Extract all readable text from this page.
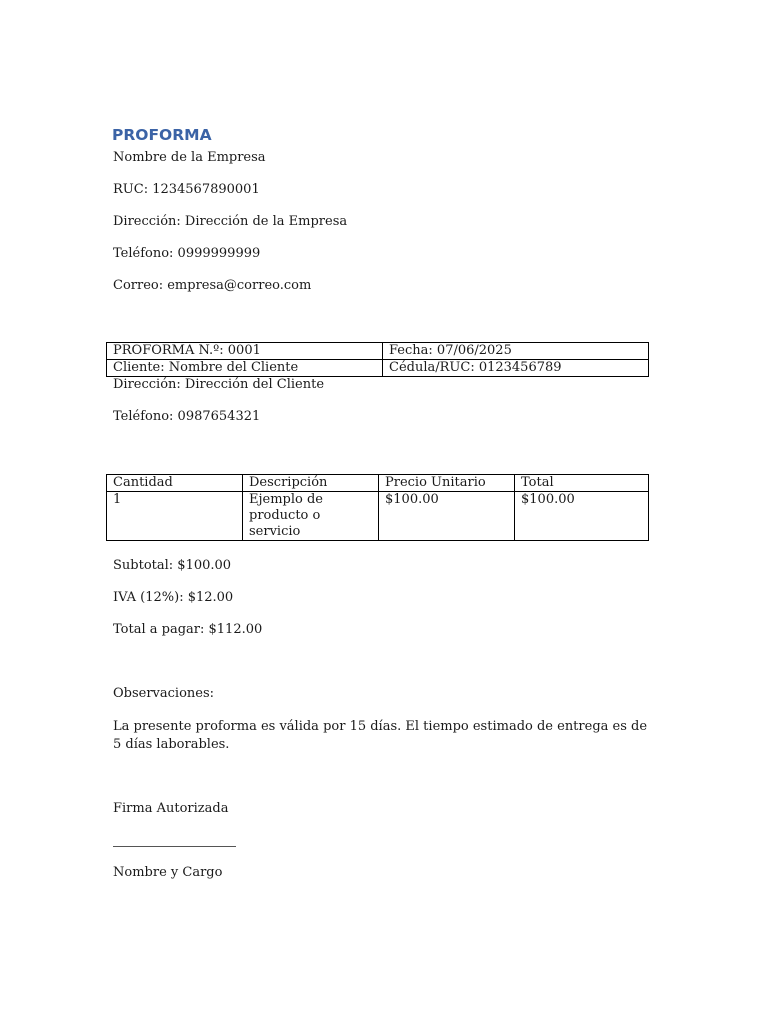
PROFORMA
Nombre de la Empresa
RUC: 1234567890001
Dirección: Dirección de la Empresa
Teléfono: 0999999999
Correo: empresa@correo.com
PROFORMA N.º: 0001	Fecha: 07/06/2025
Cliente: Nombre del Cliente	Cédula/RUC: 0123456789
Dirección: Dirección del Cliente
Teléfono: 0987654321
Cantidad	Descripción	Precio Unitario	Total
1	Ejemplo de producto o servicio	$100.00	$100.00
Subtotal: $100.00
IVA (12%): $12.00
Total a pagar: $112.00
Observaciones:
La presente proforma es válida por 15 días. El tiempo estimado de entrega es de 5 días laborables.
Firma Autorizada
Nombre y Cargo
